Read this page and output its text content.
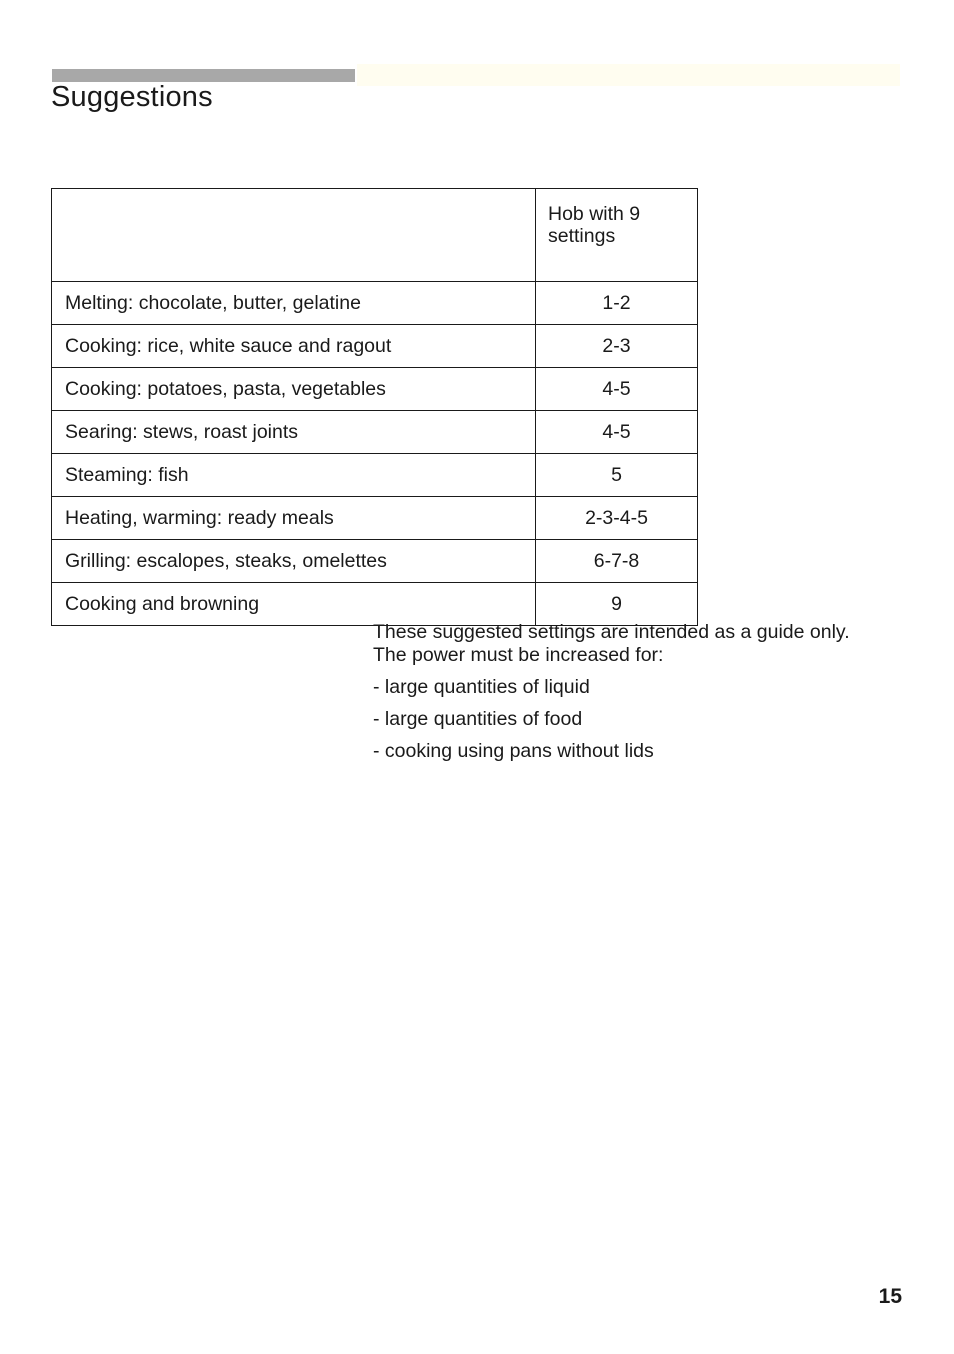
Suggestions
	Hob with 9 settings
Melting: chocolate, butter, gelatine	1-2
Cooking: rice, white sauce and ragout	2-3
Cooking: potatoes, pasta, vegetables	4-5
Searing: stews, roast joints	4-5
Steaming: fish	5
Heating, warming: ready meals	2-3-4-5
Grilling: escalopes, steaks, omelettes	6-7-8
Cooking and browning	9

These suggested settings are intended as a guide only.

The power must be increased for:

- large quantities of liquid
- large quantities of food
- cooking using pans without lids
15
